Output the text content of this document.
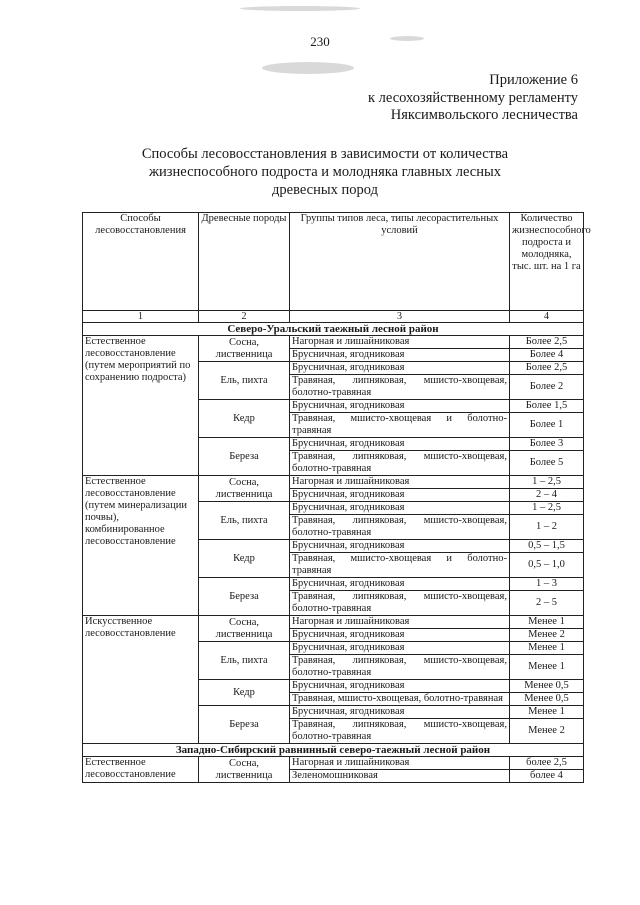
230
Приложение 6
к лесохозяйственному регламенту
Няксимвольского лесничества
Способы лесовосстановления в зависимости от количества
жизнеспособного подроста и молодняка главных лесных
древесных пород
Способы лесовосстановления	Древесные породы	Группы типов леса, типы лесорастительных условий	Количество жизнеспособного подроста и молодняка, тыс. шт. на 1 га
1	2	3	4
Северо-Уральский таежный лесной район			
Естественное лесовосстановление (путем мероприятий по сохранению подроста)	Сосна, лиственница	Нагорная и лишайниковая	Более 2,5
		Брусничная, ягодниковая	Более 4
	Ель, пихта	Брусничная, ягодниковая	Более 2,5
		Травяная, липняковая, мшисто-хвощевая, болотно-травяная	Более 2
	Кедр	Брусничная, ягодниковая	Более 1,5
		Травяная, мшисто-хвощевая и болотно-травяная	Более 1
	Береза	Брусничная, ягодниковая	Более 3
		Травяная, липняковая, мшисто-хвощевая, болотно-травяная	Более 5
Естественное лесовосстановление (путем минерализации почвы), комбинированное лесовосстановление	Сосна, лиственница	Нагорная и лишайниковая	1 – 2,5
		Брусничная, ягодниковая	2 – 4
	Ель, пихта	Брусничная, ягодниковая	1 – 2,5
		Травяная, липняковая, мшисто-хвощевая, болотно-травяная	1 – 2
	Кедр	Брусничная, ягодниковая	0,5 – 1,5
		Травяная, мшисто-хвощевая и болотно-травяная	0,5 – 1,0
	Береза	Брусничная, ягодниковая	1 – 3
		Травяная, липняковая, мшисто-хвощевая, болотно-травяная	2 – 5
Искусственное лесовосстановление	Сосна, лиственница	Нагорная и лишайниковая	Менее 1
		Брусничная, ягодниковая	Менее 2
	Ель, пихта	Брусничная, ягодниковая	Менее 1
		Травяная, липняковая, мшисто-хвощевая, болотно-травяная	Менее 1
	Кедр	Брусничная, ягодниковая	Менее 0,5
		Травяная, мшисто-хвощевая, болотно-травяная	Менее 0,5
	Береза	Брусничная, ягодниковая	Менее 1
		Травяная, липняковая, мшисто-хвощевая, болотно-травяная	Менее 2
Западно-Сибирский равнинный северо-таежный лесной район			
Естественное лесовосстановление	Сосна, лиственница	Нагорная и лишайниковая	более 2,5
		Зеленомошниковая	более 4
